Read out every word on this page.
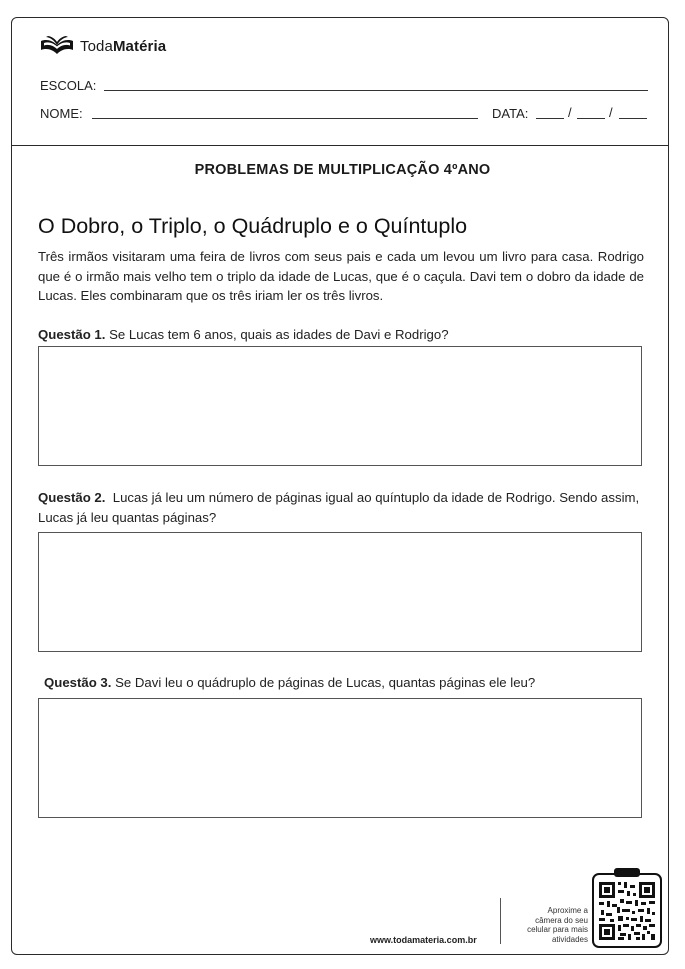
TodaMatéria
ESCOLA:
NOME:	DATA:	/	/
PROBLEMAS DE MULTIPLICAÇÃO 4ºANO
O Dobro, o Triplo, o Quádruplo e o Quíntuplo
Três irmãos visitaram uma feira de livros com seus pais e cada um levou um livro para casa. Rodrigo que é o irmão mais velho tem o triplo da idade de Lucas, que é o caçula. Davi tem o dobro da idade de Lucas. Eles combinaram que os três iriam ler os três livros.
Questão 1. Se Lucas tem 6 anos, quais as idades de Davi e Rodrigo?
Questão 2. Lucas já leu um número de páginas igual ao quíntuplo da idade de Rodrigo. Sendo assim, Lucas já leu quantas páginas?
Questão 3. Se Davi leu o quádruplo de páginas de Lucas, quantas páginas ele leu?
www.todamateria.com.br
Aproxime a
câmera do seu
celular para mais
atividades
